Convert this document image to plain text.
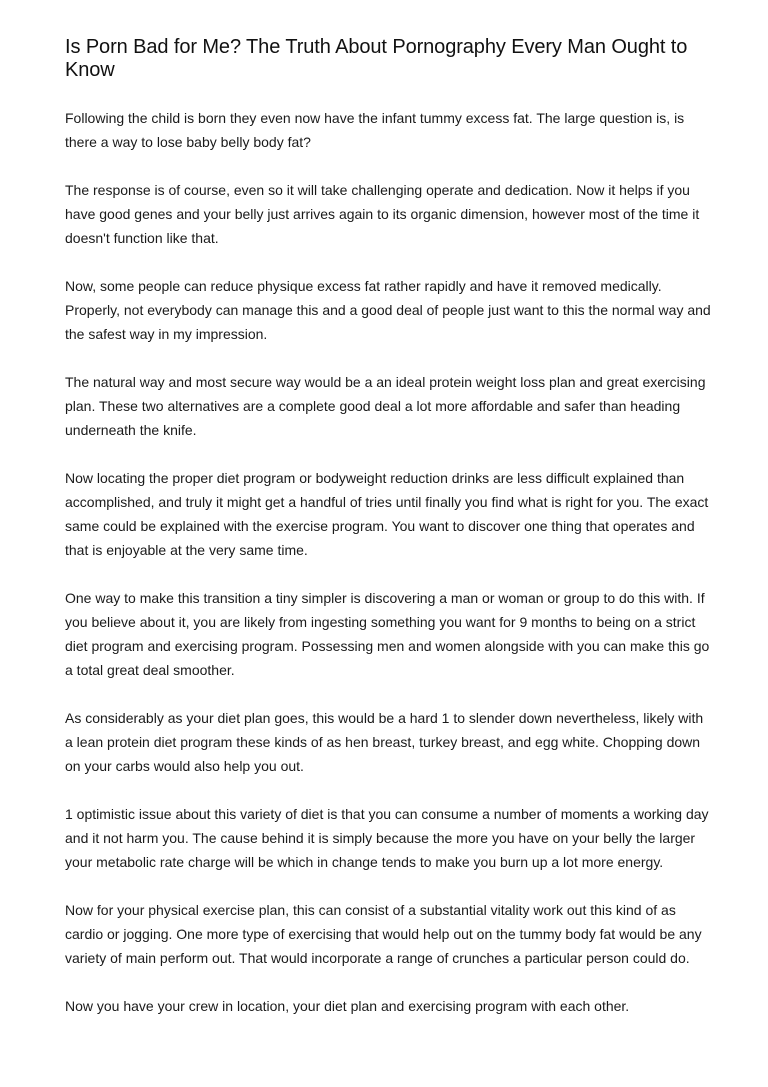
Is Porn Bad for Me? The Truth About Pornography Every Man Ought to Know

Following the child is born they even now have the infant tummy excess fat. The large question is, is there a way to lose baby belly body fat?

The response is of course, even so it will take challenging operate and dedication. Now it helps if you have good genes and your belly just arrives again to its organic dimension, however most of the time it doesn't function like that.

Now, some people can reduce physique excess fat rather rapidly and have it removed medically. Properly, not everybody can manage this and a good deal of people just want to this the normal way and the safest way in my impression.

The natural way and most secure way would be a an ideal protein weight loss plan and great exercising plan. These two alternatives are a complete good deal a lot more affordable and safer than heading underneath the knife.

Now locating the proper diet program or bodyweight reduction drinks are less difficult explained than accomplished, and truly it might get a handful of tries until finally you find what is right for you. The exact same could be explained with the exercise program. You want to discover one thing that operates and that is enjoyable at the very same time.

One way to make this transition a tiny simpler is discovering a man or woman or group to do this with. If you believe about it, you are likely from ingesting something you want for 9 months to being on a strict diet program and exercising program. Possessing men and women alongside with you can make this go a total great deal smoother.

As considerably as your diet plan goes, this would be a hard 1 to slender down nevertheless, likely with a lean protein diet program these kinds of as hen breast, turkey breast, and egg white. Chopping down on your carbs would also help you out.

1 optimistic issue about this variety of diet is that you can consume a number of moments a working day and it not harm you. The cause behind it is simply because the more you have on your belly the larger your metabolic rate charge will be which in change tends to make you burn up a lot more energy.

Now for your physical exercise plan, this can consist of a substantial vitality work out this kind of as cardio or jogging. One more type of exercising that would help out on the tummy body fat would be any variety of main perform out. That would incorporate a range of crunches a particular person could do.

Now you have your crew in location, your diet plan and exercising program with each other.
